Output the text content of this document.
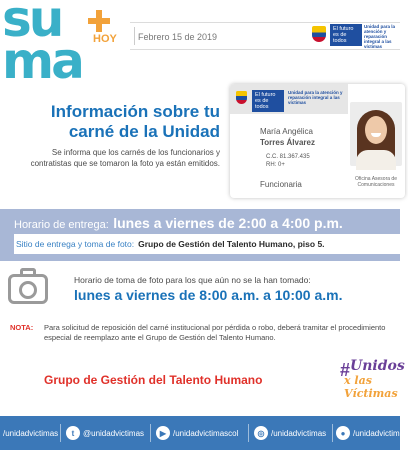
su
ma HOY Febrero 15 de 2019
El futuro es de todos
Unidad para la atención y reparación integral a las víctimas
Información sobre tu carné de la Unidad
Se informa que los carnés de los funcionarios y contratistas que se tomaron la foto ya están emitidos.
El futuro es de todos
Unidad para la atención y reparación integral a las víctimas
María Angélica
Torres Álvarez
C.C. 81.367.435
RH: 0+
Funcionaria
Oficina Asesora de Comunicaciones
Horario de entrega: lunes a viernes de 2:00 a 4:00 p.m.
Sitio de entrega y toma de foto: Grupo de Gestión del Talento Humano, piso 5.
Horario de toma de foto para los que aún no se la han tomado:
lunes a viernes de 8:00 a.m. a 10:00 a.m.
NOTA: Para solicitud de reposición del carné institucional por pérdida o robo, deberá tramitar el procedimiento especial de reemplazo ante el Grupo de Gestión del Talento Humano.
Grupo de Gestión del Talento Humano	# Unidos
x las Víctimas
/unidadvictimas	t	@unidadvictimas	▶ /unidadvictimascol	◎ /unidadvictimas	● /unidadvictimas
